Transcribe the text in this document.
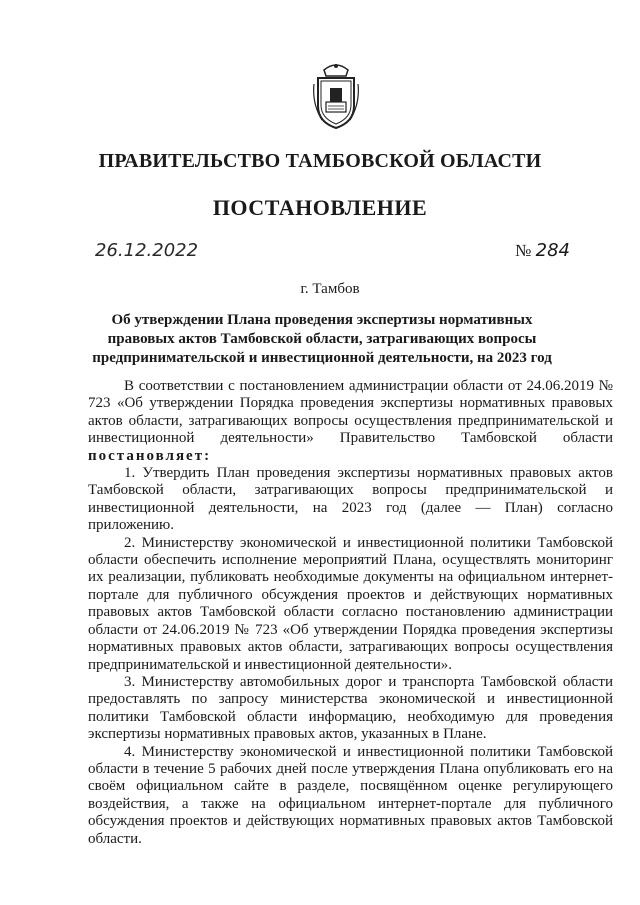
ПРАВИТЕЛЬСТВО ТАМБОВСКОЙ ОБЛАСТИ
ПОСТАНОВЛЕНИЕ
26.12.2022	№ 284
г. Тамбов
Об утверждении Плана проведения экспертизы нормативных правовых актов Тамбовской области, затрагивающих вопросы предпринимательской и инвестиционной деятельности, на 2023 год

В соответствии с постановлением администрации области от 24.06.2019 № 723 «Об утверждении Порядка проведения экспертизы нормативных правовых актов области, затрагивающих вопросы осуществления предпринимательской и инвестиционной деятельности» Правительство Тамбовской области постановляет:

1. Утвердить План проведения экспертизы нормативных правовых актов Тамбовской области, затрагивающих вопросы предпринимательской и инвестиционной деятельности, на 2023 год (далее — План) согласно приложению.

2. Министерству экономической и инвестиционной политики Тамбовской области обеспечить исполнение мероприятий Плана, осуществлять мониторинг их реализации, публиковать необходимые документы на официальном интернет-портале для публичного обсуждения проектов и действующих нормативных правовых актов Тамбовской области согласно постановлению администрации области от 24.06.2019 № 723 «Об утверждении Порядка проведения экспертизы нормативных правовых актов области, затрагивающих вопросы осуществления предпринимательской и инвестиционной деятельности».

3. Министерству автомобильных дорог и транспорта Тамбовской области предоставлять по запросу министерства экономической и инвестиционной политики Тамбовской области информацию, необходимую для проведения экспертизы нормативных правовых актов, указанных в Плане.

4. Министерству экономической и инвестиционной политики Тамбовской области в течение 5 рабочих дней после утверждения Плана опубликовать его на своём официальном сайте в разделе, посвящённом оценке регулирующего воздействия, а также на официальном интернет-портале для публичного обсуждения проектов и действующих нормативных правовых актов Тамбовской области.
